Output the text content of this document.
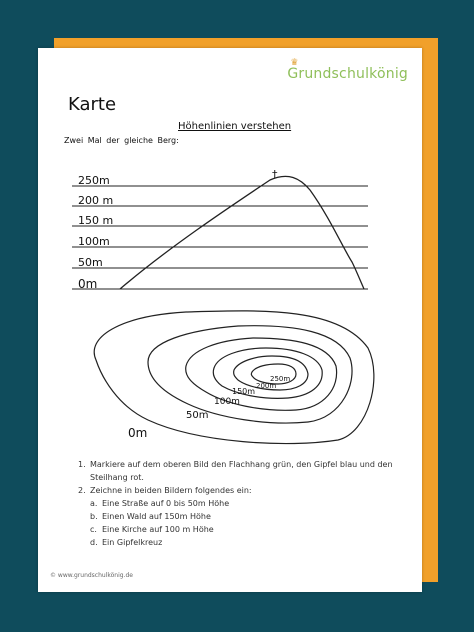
♛
Grundschulkönig
Karte
Höhenlinien verstehen
Zwei Mal der gleiche Berg:
†
250m
200 m
150 m
100m
50m
0m
250m
200m
150m
100m
50m
0m
1. Markiere auf dem oberen Bild den Flachhang grün, den Gipfel blau und den Steilhang rot.
2. Zeichne in beiden Bildern folgendes ein:
a. Eine Straße auf 0 bis 50m Höhe
b. Einen Wald auf 150m Höhe
c. Eine Kirche auf 100 m Höhe
d. Ein Gipfelkreuz
© www.grundschulkönig.de
